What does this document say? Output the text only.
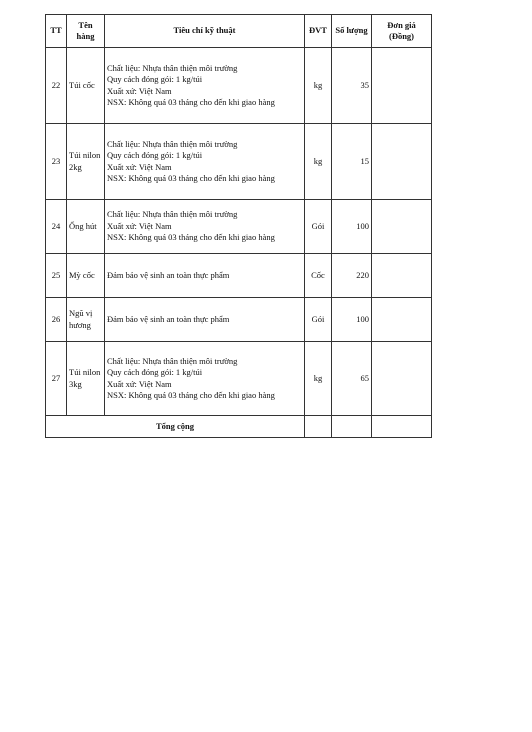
TT	Tên hàng	Tiêu chí kỹ thuật	ĐVT	Số lượng	Đơn giá
(Đồng)

22	Túi cốc	Chất liệu: Nhựa thân thiện môi trường
Quy cách đóng gói: 1 kg/túi
Xuất xứ: Việt Nam
NSX: Không quá 03 tháng cho đến khi giao hàng	kg	35	
23	Túi nilon
2kg	Chất liệu: Nhựa thân thiện môi trường
Quy cách đóng gói: 1 kg/túi
Xuất xứ: Việt Nam
NSX: Không quá 03 tháng cho đến khi giao hàng	kg	15	
24	Ống hút	Chất liệu: Nhựa thân thiện môi trường
Xuất xứ: Việt Nam
NSX: Không quá 03 tháng cho đến khi giao hàng	Gói	100	
25	Mỳ cốc	Đảm bảo vệ sinh an toàn thực phẩm	Cốc	220	
26	Ngũ vị
hương	Đảm bảo vệ sinh an toàn thực phẩm	Gói	100	
27	Túi nilon
3kg	Chất liệu: Nhựa thân thiện môi trường
Quy cách đóng gói: 1 kg/túi
Xuất xứ: Việt Nam
NSX: Không quá 03 tháng cho đến khi giao hàng	kg	65	
Tổng cộng					
